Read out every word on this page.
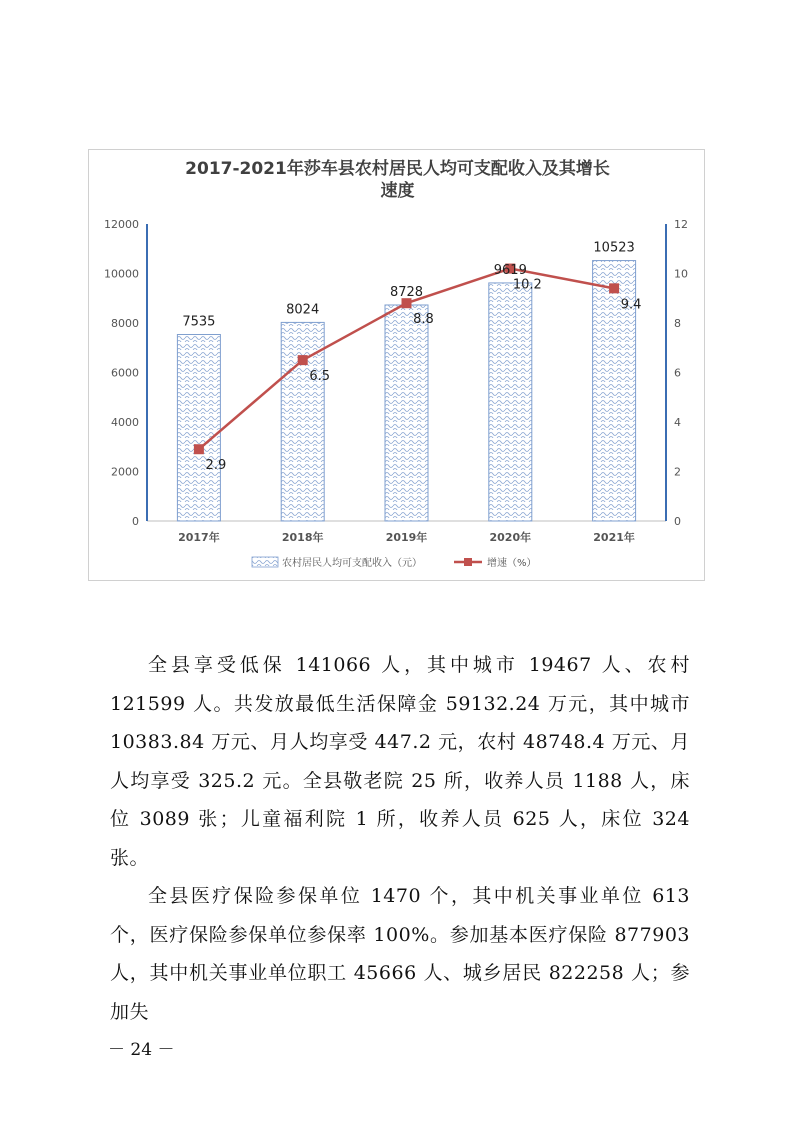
2017-2021年莎车县农村居民人均可支配收入及其增长
速度
0
2000
4000
6000
8000
10000
12000
0
2
4
6
8
10
12
2017年	2018年	2019年	2020年	2021年
7535
8024
8728
9619
10523
2.9
6.5
8.8
10.2
9.4
农村居民人均可支配收入（元）	增速（%）

全县享受低保 141066 人，其中城市 19467 人、农村 121599 人。共发放最低生活保障金 59132.24 万元，其中城市 10383.84 万元、月人均享受 447.2 元，农村 48748.4 万元、月人均享受 325.2 元。全县敬老院 25 所，收养人员 1188 人，床位 3089 张；儿童福利院 1 所，收养人员 625 人，床位 324 张。

全县医疗保险参保单位 1470 个，其中机关事业单位 613 个，医疗保险参保单位参保率 100%。参加基本医疗保险 877903 人，其中机关事业单位职工 45666 人、城乡居民 822258 人；参加失

－ 24 －
